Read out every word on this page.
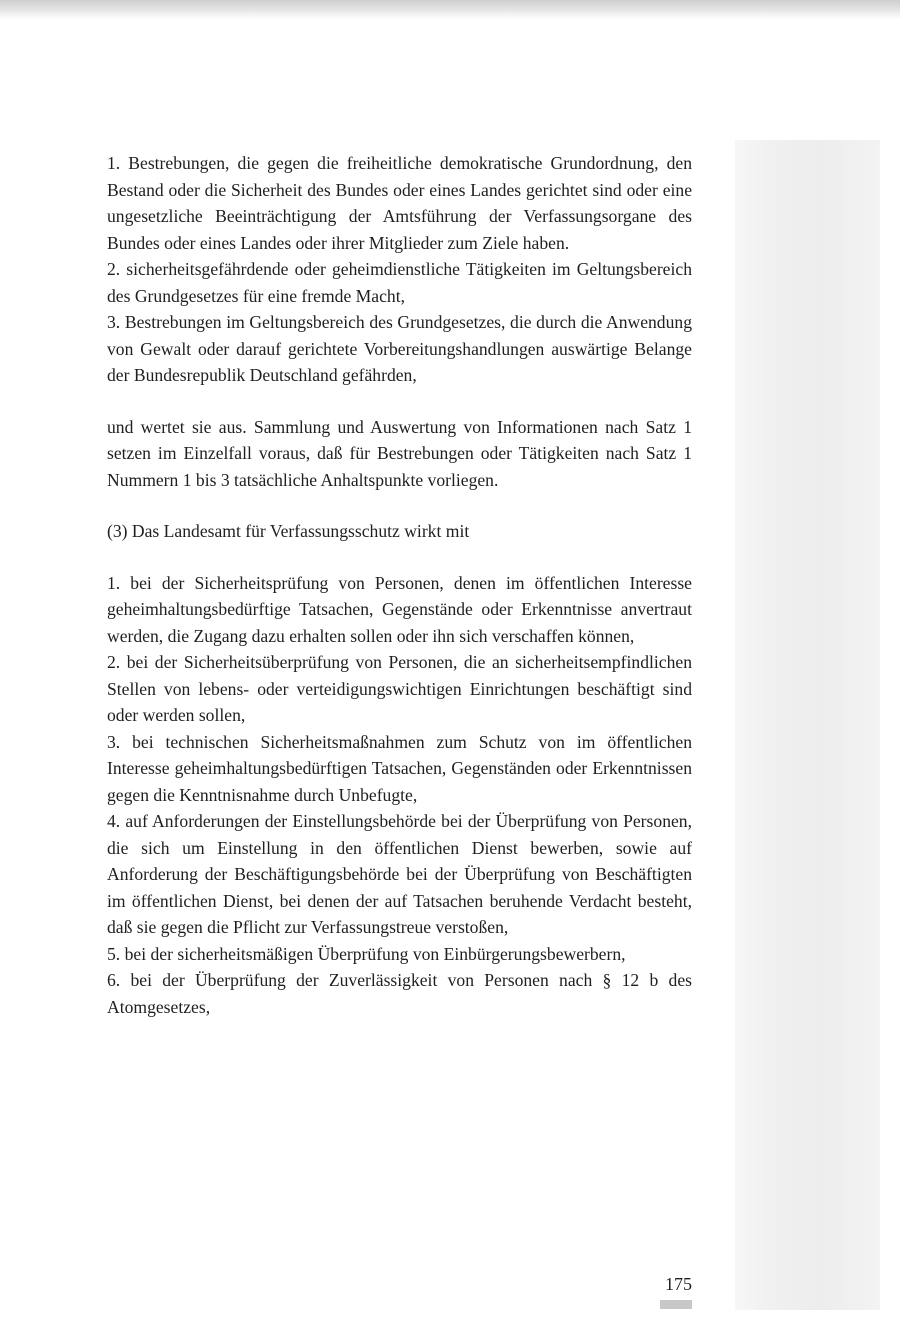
1. Bestrebungen, die gegen die freiheitliche demokratische Grundordnung, den Bestand oder die Sicherheit des Bundes oder eines Landes gerichtet sind oder eine ungesetzliche Beeinträchtigung der Amtsführung der Verfassungsorgane des Bundes oder eines Landes oder ihrer Mitglieder zum Ziele haben.

2. sicherheitsgefährdende oder geheimdienstliche Tätigkeiten im Geltungsbereich des Grundgesetzes für eine fremde Macht,

3. Bestrebungen im Geltungsbereich des Grundgesetzes, die durch die Anwendung von Gewalt oder darauf gerichtete Vorbereitungshandlungen auswärtige Belange der Bundesrepublik Deutschland gefährden,

und wertet sie aus. Sammlung und Auswertung von Informationen nach Satz 1 setzen im Einzelfall voraus, daß für Bestrebungen oder Tätigkeiten nach Satz 1 Nummern 1 bis 3 tatsächliche Anhaltspunkte vorliegen.

(3) Das Landesamt für Verfassungsschutz wirkt mit

1. bei der Sicherheitsprüfung von Personen, denen im öffentlichen Interesse geheimhaltungsbedürftige Tatsachen, Gegenstände oder Erkenntnisse anvertraut werden, die Zugang dazu erhalten sollen oder ihn sich verschaffen können,

2. bei der Sicherheitsüberprüfung von Personen, die an sicherheitsempfindlichen Stellen von lebens- oder verteidigungswichtigen Einrichtungen beschäftigt sind oder werden sollen,

3. bei technischen Sicherheitsmaßnahmen zum Schutz von im öffentlichen Interesse geheimhaltungsbedürftigen Tatsachen, Gegenständen oder Erkenntnissen gegen die Kenntnisnahme durch Unbefugte,

4. auf Anforderungen der Einstellungsbehörde bei der Überprüfung von Personen, die sich um Einstellung in den öffentlichen Dienst bewerben, sowie auf Anforderung der Beschäftigungsbehörde bei der Überprüfung von Beschäftigten im öffentlichen Dienst, bei denen der auf Tatsachen beruhende Verdacht besteht, daß sie gegen die Pflicht zur Verfassungstreue verstoßen,

5. bei der sicherheitsmäßigen Überprüfung von Einbürgerungsbewerbern,

6. bei der Überprüfung der Zuverlässigkeit von Personen nach § 12 b des Atomgesetzes,

175
